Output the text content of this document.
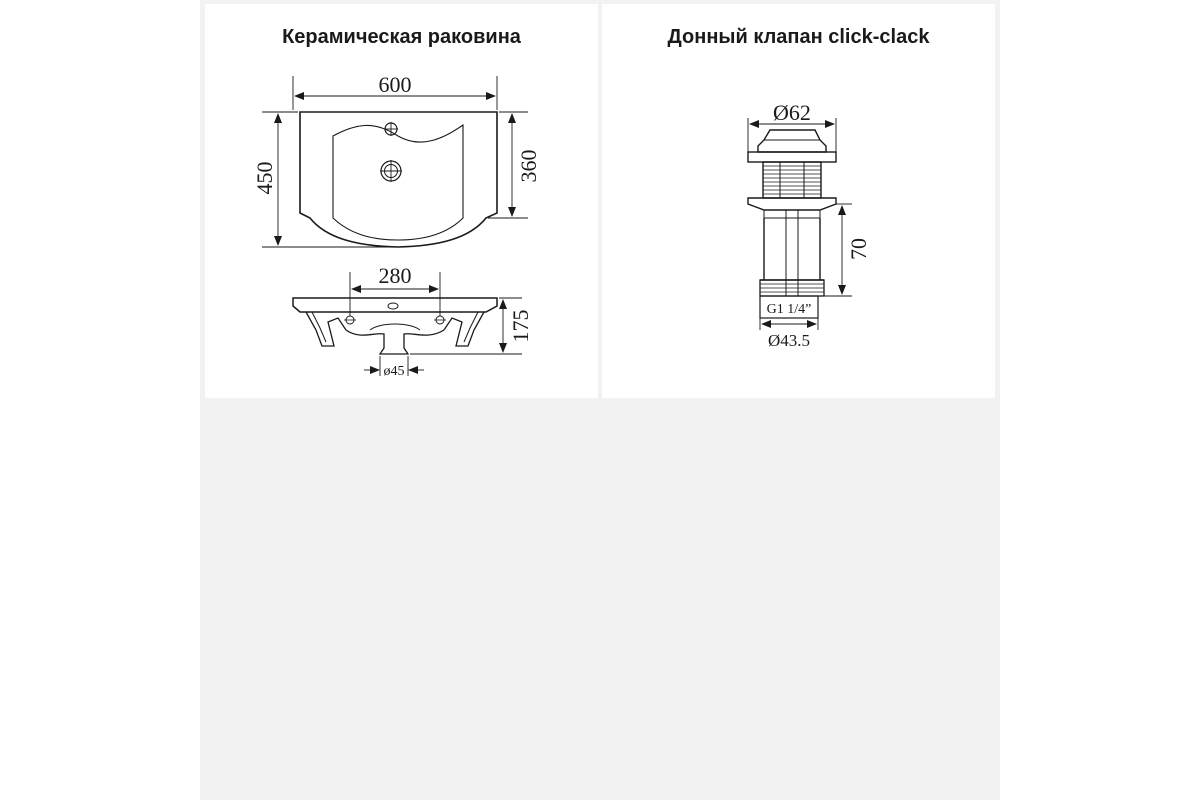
Керамическая раковина	Донный клапан click-clack
600
450	360
280
175
ø45
G1 1/4”
Ø62
70
Ø43.5
